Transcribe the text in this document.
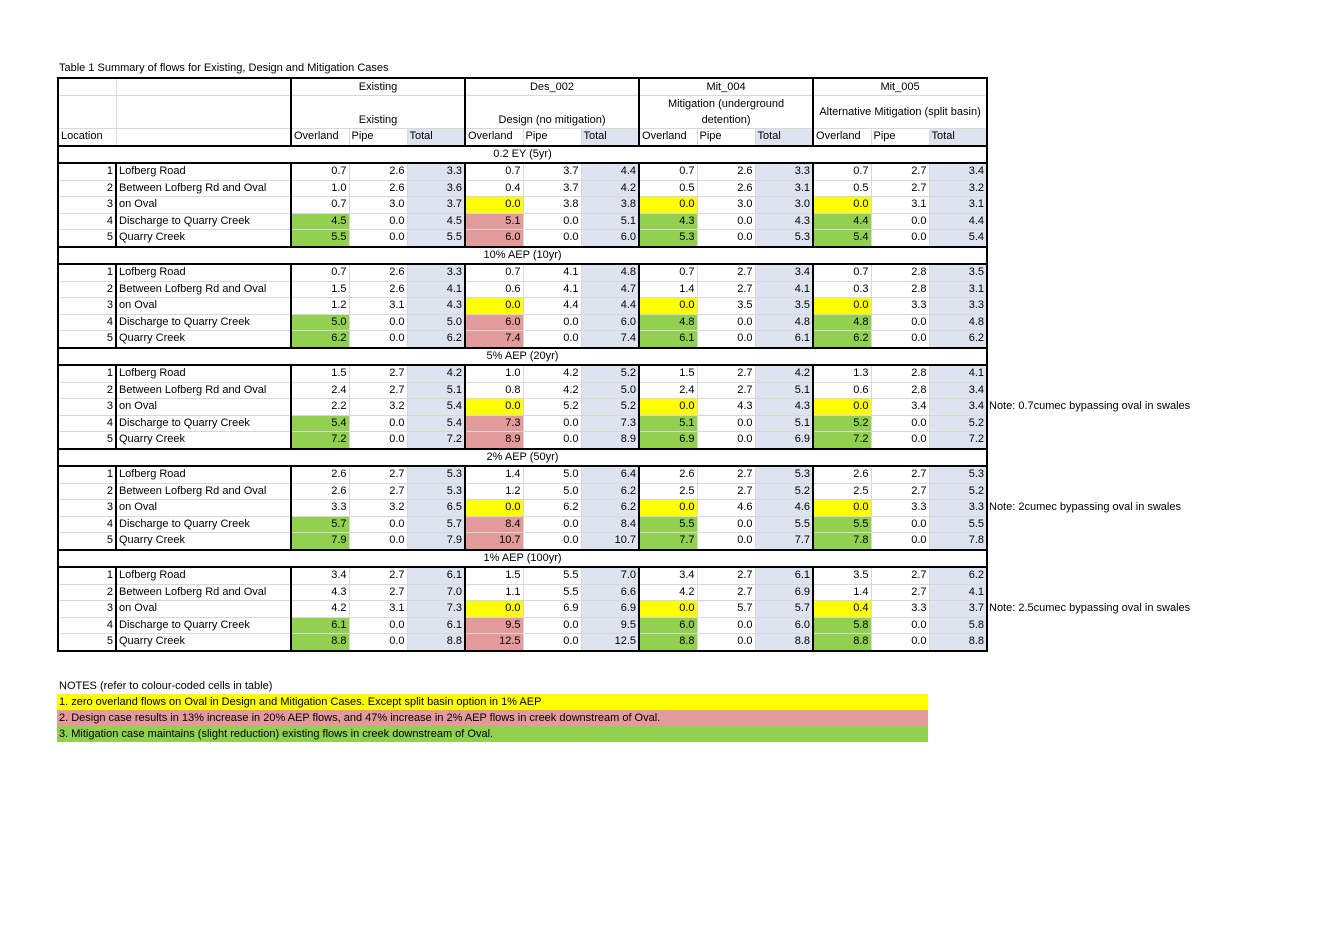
Table 1 Summary of flows for Existing, Design and Mitigation Cases
		Existing			Des_002			Mit_004			Mit_005		
		Existing			Design (no mitigation)			Mitigation (underground detention)			Alternative Mitigation (split basin)		
Location		Overland	Pipe	Total	Overland	Pipe	Total	Overland	Pipe	Total	Overland	Pipe	Total
0.2 EY (5yr)													
1	Lofberg Road	0.7	2.6	3.3	0.7	3.7	4.4	0.7	2.6	3.3	0.7	2.7	3.4
2	Between Lofberg Rd and Oval	1.0	2.6	3.6	0.4	3.7	4.2	0.5	2.6	3.1	0.5	2.7	3.2
3	on Oval	0.7	3.0	3.7	0.0	3.8	3.8	0.0	3.0	3.0	0.0	3.1	3.1
4	Discharge to Quarry Creek	4.5	0.0	4.5	5.1	0.0	5.1	4.3	0.0	4.3	4.4	0.0	4.4
5	Quarry Creek	5.5	0.0	5.5	6.0	0.0	6.0	5.3	0.0	5.3	5.4	0.0	5.4
10% AEP (10yr)													
1	Lofberg Road	0.7	2.6	3.3	0.7	4.1	4.8	0.7	2.7	3.4	0.7	2.8	3.5
2	Between Lofberg Rd and Oval	1.5	2.6	4.1	0.6	4.1	4.7	1.4	2.7	4.1	0.3	2.8	3.1
3	on Oval	1.2	3.1	4.3	0.0	4.4	4.4	0.0	3.5	3.5	0.0	3.3	3.3
4	Discharge to Quarry Creek	5.0	0.0	5.0	6.0	0.0	6.0	4.8	0.0	4.8	4.8	0.0	4.8
5	Quarry Creek	6.2	0.0	6.2	7.4	0.0	7.4	6.1	0.0	6.1	6.2	0.0	6.2
5% AEP (20yr)													
1	Lofberg Road	1.5	2.7	4.2	1.0	4.2	5.2	1.5	2.7	4.2	1.3	2.8	4.1
2	Between Lofberg Rd and Oval	2.4	2.7	5.1	0.8	4.2	5.0	2.4	2.7	5.1	0.6	2.8	3.4
3	on Oval	2.2	3.2	5.4	0.0	5.2	5.2	0.0	4.3	4.3	0.0	3.4	3.4
4	Discharge to Quarry Creek	5.4	0.0	5.4	7.3	0.0	7.3	5.1	0.0	5.1	5.2	0.0	5.2
5	Quarry Creek	7.2	0.0	7.2	8.9	0.0	8.9	6.9	0.0	6.9	7.2	0.0	7.2
2% AEP (50yr)													
1	Lofberg Road	2.6	2.7	5.3	1.4	5.0	6.4	2.6	2.7	5.3	2.6	2.7	5.3
2	Between Lofberg Rd and Oval	2.6	2.7	5.3	1.2	5.0	6.2	2.5	2.7	5.2	2.5	2.7	5.2
3	on Oval	3.3	3.2	6.5	0.0	6.2	6.2	0.0	4.6	4.6	0.0	3.3	3.3
4	Discharge to Quarry Creek	5.7	0.0	5.7	8.4	0.0	8.4	5.5	0.0	5.5	5.5	0.0	5.5
5	Quarry Creek	7.9	0.0	7.9	10.7	0.0	10.7	7.7	0.0	7.7	7.8	0.0	7.8
1% AEP (100yr)													
1	Lofberg Road	3.4	2.7	6.1	1.5	5.5	7.0	3.4	2.7	6.1	3.5	2.7	6.2
2	Between Lofberg Rd and Oval	4.3	2.7	7.0	1.1	5.5	6.6	4.2	2.7	6.9	1.4	2.7	4.1
3	on Oval	4.2	3.1	7.3	0.0	6.9	6.9	0.0	5.7	5.7	0.4	3.3	3.7
4	Discharge to Quarry Creek	6.1	0.0	6.1	9.5	0.0	9.5	6.0	0.0	6.0	5.8	0.0	5.8
5	Quarry Creek	8.8	0.0	8.8	12.5	0.0	12.5	8.8	0.0	8.8	8.8	0.0	8.8
Note: 0.7cumec bypassing oval in swales
Note: 2cumec bypassing oval in swales
Note: 2.5cumec bypassing oval in swales
NOTES (refer to colour-coded cells in table)
1. zero overland flows on Oval in Design and Mitigation Cases. Except split basin option in 1% AEP
2. Design case results in 13% increase in 20% AEP flows, and 47% increase in 2% AEP flows in creek downstream of Oval.
3. Mitigation case maintains (slight reduction) existing flows in creek downstream of Oval.
